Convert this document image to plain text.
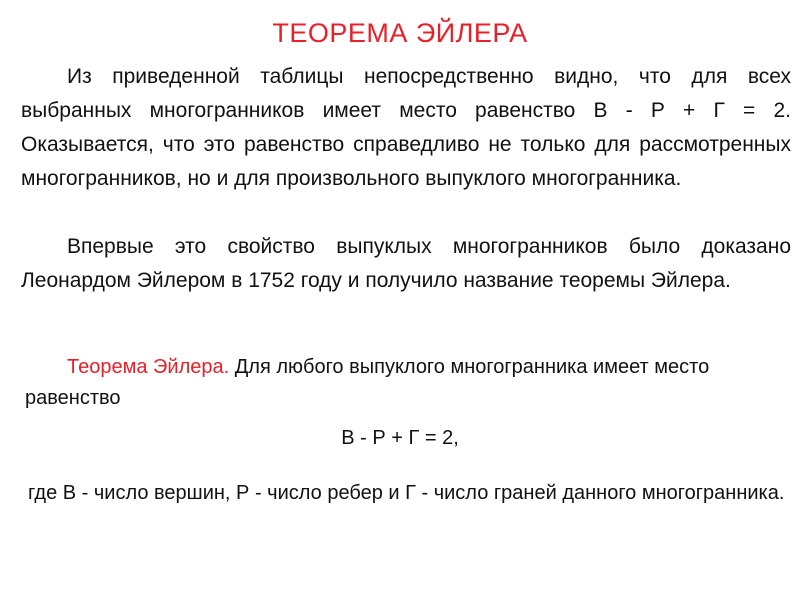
ТЕОРЕМА ЭЙЛЕРА

Из приведенной таблицы непосредственно видно, что для всех выбранных многогранников имеет место равенство В - Р + Г = 2. Оказывается, что это равенство справедливо не только для рассмотренных многогранников, но и для произвольного выпуклого многогранника.

Впервые это свойство выпуклых многогранников было доказано Леонардом Эйлером в 1752 году и получило название теоремы Эйлера.

Теорема Эйлера. Для любого выпуклого многогранника имеет место равенство

В - Р + Г = 2,

где В - число вершин, Р - число ребер и Г - число граней данного многогранника.
